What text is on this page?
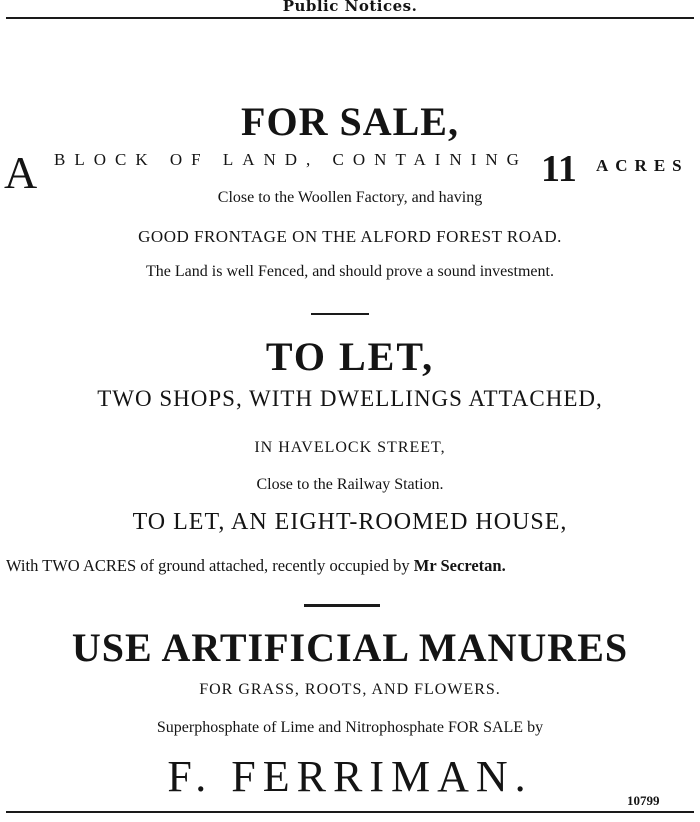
Public Notices.
FOR SALE,
A BLOCK OF LAND, CONTAINING 11 ACRES
Close to the Woollen Factory, and having
GOOD FRONTAGE ON THE ALFORD FOREST ROAD.
The Land is well Fenced, and should prove a sound investment.
TO LET,
TWO SHOPS, WITH DWELLINGS ATTACHED,
IN HAVELOCK STREET,
Close to the Railway Station.
TO LET, AN EIGHT-ROOMED HOUSE,
With TWO ACRES of ground attached, recently occupied by Mr Secretan.
USE ARTIFICIAL MANURES
FOR GRASS, ROOTS, AND FLOWERS.
Superphosphate of Lime and Nitrophosphate FOR SALE by
F. FERRIMAN.	10799
